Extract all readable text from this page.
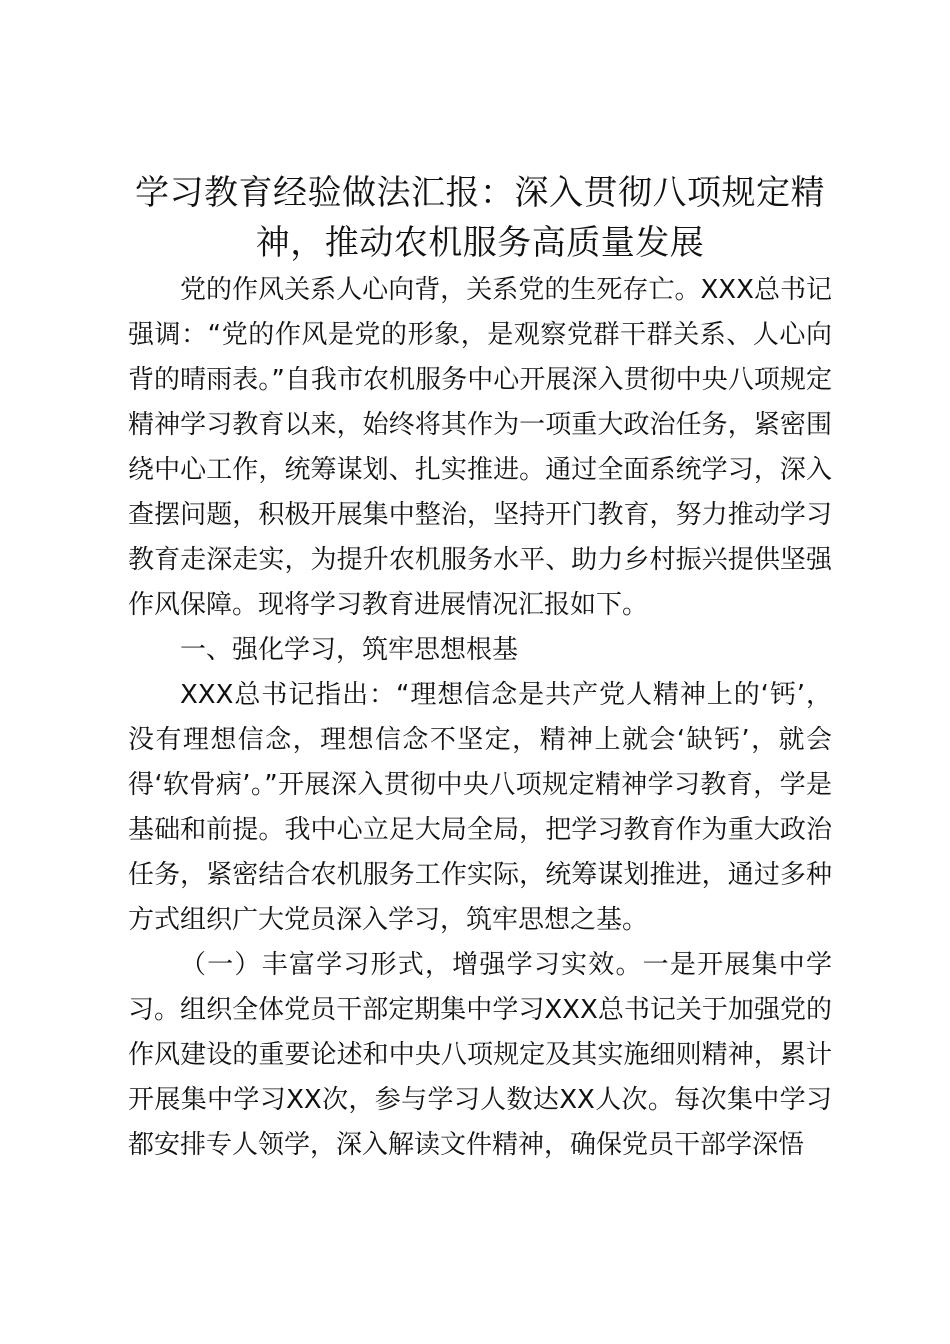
学习教育经验做法汇报：深入贯彻八项规定精神，推动农机服务高质量发展

党的作风关系人心向背，关系党的生死存亡。XXX总书记强调：“党的作风是党的形象，是观察党群干群关系、人心向背的晴雨表。”自我市农机服务中心开展深入贯彻中央八项规定精神学习教育以来，始终将其作为一项重大政治任务，紧密围绕中心工作，统筹谋划、扎实推进。通过全面系统学习，深入查摆问题，积极开展集中整治，坚持开门教育，努力推动学习教育走深走实，为提升农机服务水平、助力乡村振兴提供坚强作风保障。现将学习教育进展情况汇报如下。

一、强化学习，筑牢思想根基

XXX总书记指出：“理想信念是共产党人精神上的‘钙’，没有理想信念，理想信念不坚定，精神上就会‘缺钙’，就会得‘软骨病’。”开展深入贯彻中央八项规定精神学习教育，学是基础和前提。我中心立足大局全局，把学习教育作为重大政治任务，紧密结合农机服务工作实际，统筹谋划推进，通过多种方式组织广大党员深入学习，筑牢思想之基。

（一）丰富学习形式，增强学习实效。一是开展集中学习。组织全体党员干部定期集中学习XXX总书记关于加强党的作风建设的重要论述和中央八项规定及其实施细则精神，累计开展集中学习XX次，参与学习人数达XX人次。每次集中学习都安排专人领学，深入解读文件精神，确保党员干部学深悟
